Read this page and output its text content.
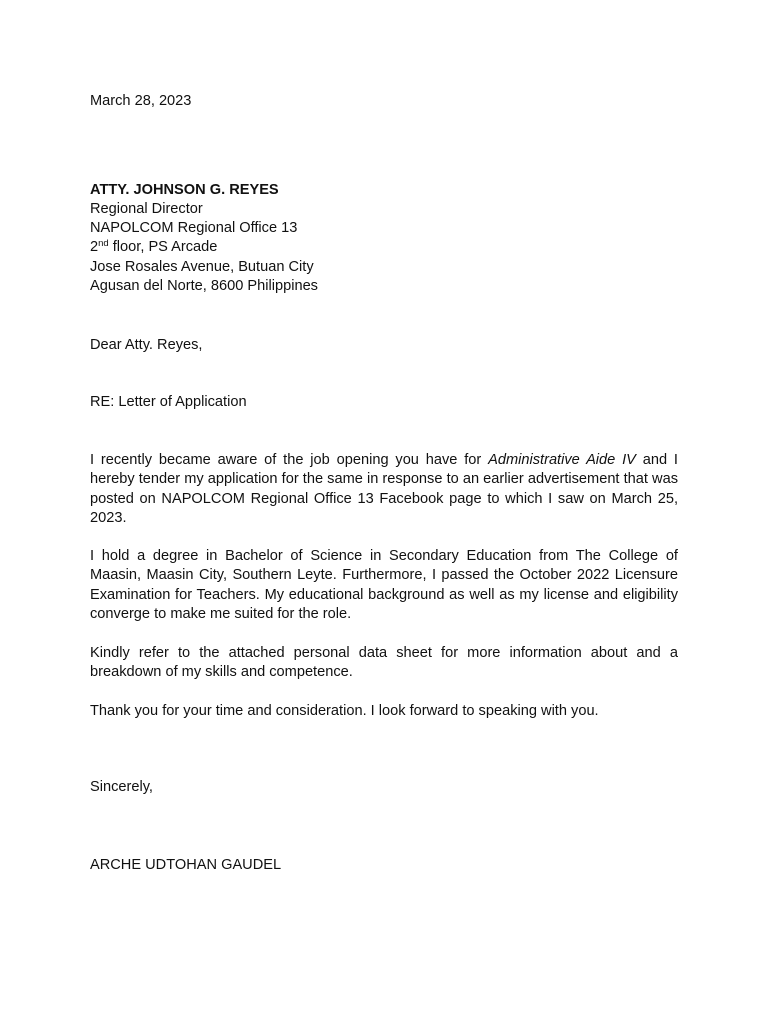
March 28, 2023
ATTY. JOHNSON G. REYES
Regional Director
NAPOLCOM Regional Office 13
2nd floor, PS Arcade
Jose Rosales Avenue, Butuan City
Agusan del Norte, 8600 Philippines
Dear Atty. Reyes,
RE: Letter of Application
I recently became aware of the job opening you have for Administrative Aide IV and I hereby tender my application for the same in response to an earlier advertisement that was posted on NAPOLCOM Regional Office 13 Facebook page to which I saw on March 25, 2023.
I hold a degree in Bachelor of Science in Secondary Education from The College of Maasin, Maasin City, Southern Leyte. Furthermore, I passed the October 2022 Licensure Examination for Teachers. My educational background as well as my license and eligibility converge to make me suited for the role.
Kindly refer to the attached personal data sheet for more information about and a breakdown of my skills and competence.
Thank you for your time and consideration. I look forward to speaking with you.
Sincerely,
ARCHE UDTOHAN GAUDEL
